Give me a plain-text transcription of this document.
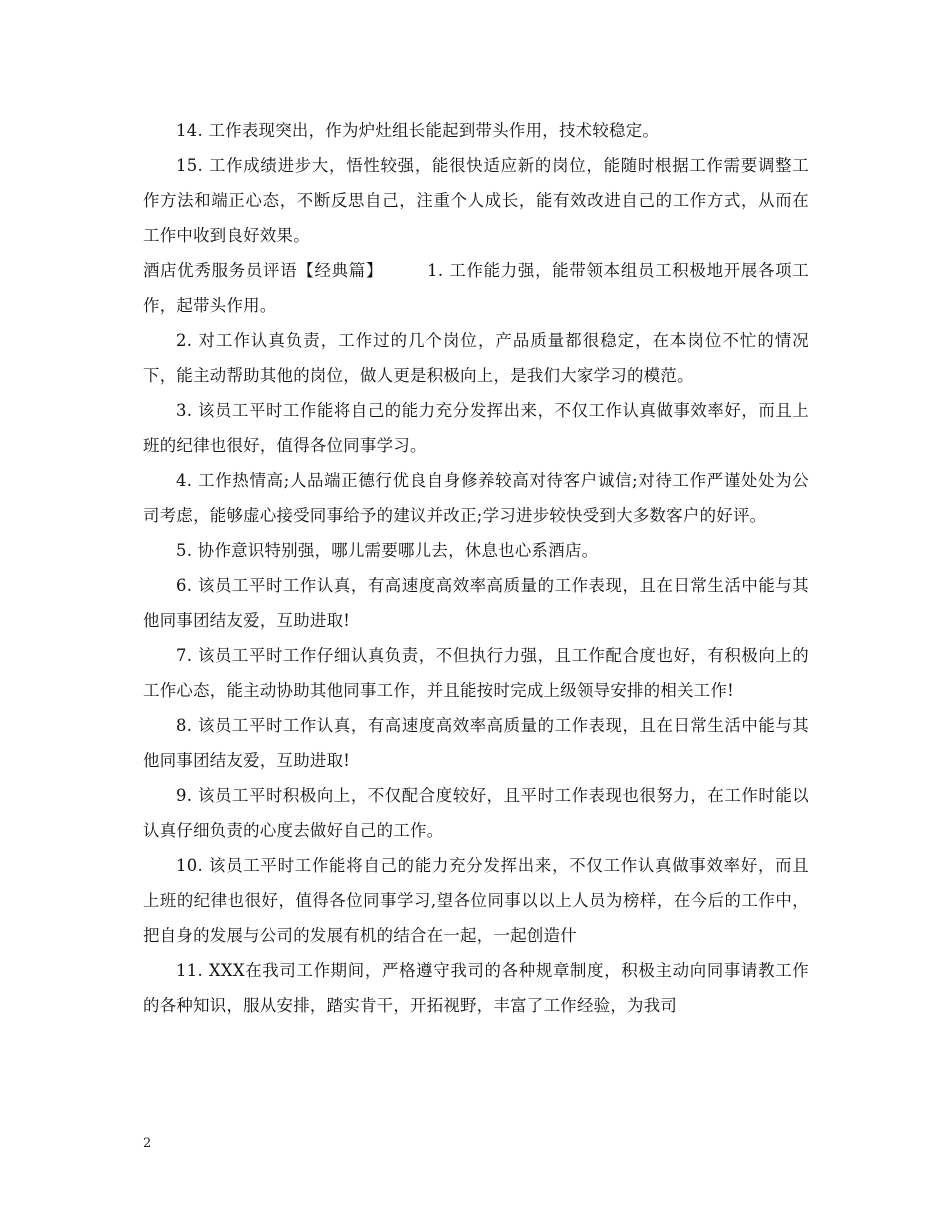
14. 工作表现突出，作为炉灶组长能起到带头作用，技术较稳定。

15. 工作成绩进步大，悟性较强，能很快适应新的岗位，能随时根据工作需要调整工作方法和端正心态，不断反思自己，注重个人成长，能有效改进自己的工作方式，从而在工作中收到良好效果。

酒店优秀服务员评语【经典篇】	1. 工作能力强，能带领本组员工积极地开展各项工作，起带头作用。

2. 对工作认真负责，工作过的几个岗位，产品质量都很稳定，在本岗位不忙的情况下，能主动帮助其他的岗位，做人更是积极向上，是我们大家学习的模范。

3. 该员工平时工作能将自己的能力充分发挥出来，不仅工作认真做事效率好，而且上班的纪律也很好，值得各位同事学习。

4. 工作热情高;人品端正德行优良自身修养较高对待客户诚信;对待工作严谨处处为公司考虑，能够虚心接受同事给予的建议并改正;学习进步较快受到大多数客户的好评。

5. 协作意识特别强，哪儿需要哪儿去，休息也心系酒店。

6. 该员工平时工作认真，有高速度高效率高质量的工作表现，且在日常生活中能与其他同事团结友爱，互助进取!

7. 该员工平时工作仔细认真负责，不但执行力强，且工作配合度也好，有积极向上的工作心态，能主动协助其他同事工作，并且能按时完成上级领导安排的相关工作!

8. 该员工平时工作认真，有高速度高效率高质量的工作表现，且在日常生活中能与其他同事团结友爱，互助进取!

9. 该员工平时积极向上，不仅配合度较好，且平时工作表现也很努力，在工作时能以认真仔细负责的心度去做好自己的工作。

10. 该员工平时工作能将自己的能力充分发挥出来，不仅工作认真做事效率好，而且上班的纪律也很好，值得各位同事学习,望各位同事以以上人员为榜样，在今后的工作中，把自身的发展与公司的发展有机的结合在一起，一起创造什

11. XXX在我司工作期间，严格遵守我司的各种规章制度，积极主动向同事请教工作的各种知识，服从安排，踏实肯干，开拓视野，丰富了工作经验，为我司

2
